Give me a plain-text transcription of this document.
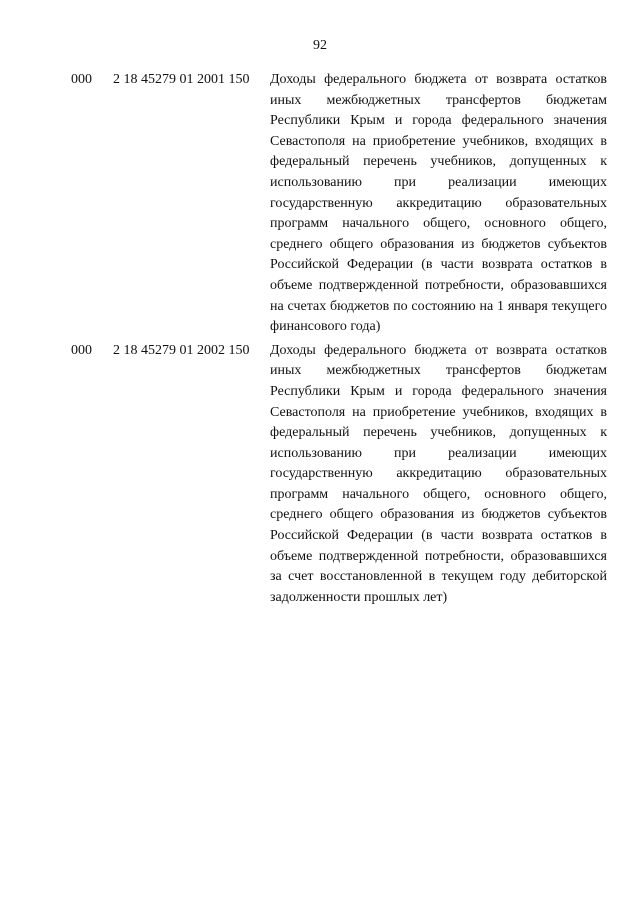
92
000 2 18 45279 01 2001 150 Доходы федерального бюджета от возврата остатков иных межбюджетных трансфертов бюджетам Республики Крым и города федерального значения Севастополя на приобретение учебников, входящих в федеральный перечень учебников, допущенных к использованию при реализации имеющих государственную аккредитацию образовательных программ начального общего, основного общего, среднего общего образования из бюджетов субъектов Российской Федерации (в части возврата остатков в объеме подтвержденной потребности, образовавшихся на счетах бюджетов по состоянию на 1 января текущего финансового года)
000 2 18 45279 01 2002 150 Доходы федерального бюджета от возврата остатков иных межбюджетных трансфертов бюджетам Республики Крым и города федерального значения Севастополя на приобретение учебников, входящих в федеральный перечень учебников, допущенных к использованию при реализации имеющих государственную аккредитацию образовательных программ начального общего, основного общего, среднего общего образования из бюджетов субъектов Российской Федерации (в части возврата остатков в объеме подтвержденной потребности, образовавшихся за счет восстановленной в текущем году дебиторской задолженности прошлых лет)
